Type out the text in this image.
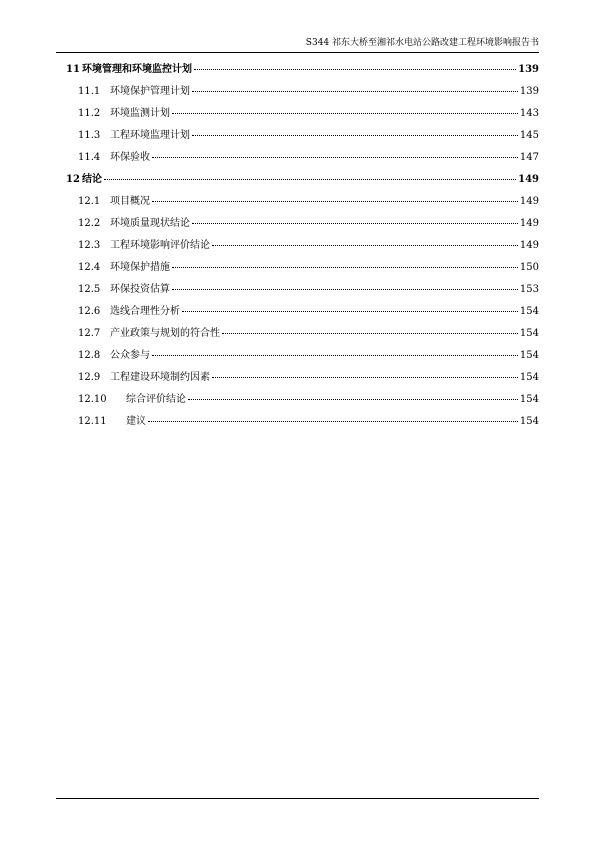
S344 祁东大桥至湘祁水电站公路改建工程环境影响报告书
11 环境管理和环境监控计划	139
11.1 环境保护管理计划	139
11.2 环境监测计划	143
11.3 工程环境监理计划	145
11.4 环保验收	147
12 结论	149
12.1 项目概况	149
12.2 环境质量现状结论	149
12.3 工程环境影响评价结论	149
12.4 环境保护措施	150
12.5 环保投资估算	153
12.6 选线合理性分析	154
12.7 产业政策与规划的符合性	154
12.8 公众参与	154
12.9 工程建设环境制约因素	154
12.10	综合评价结论	154
12.11	建议	154
